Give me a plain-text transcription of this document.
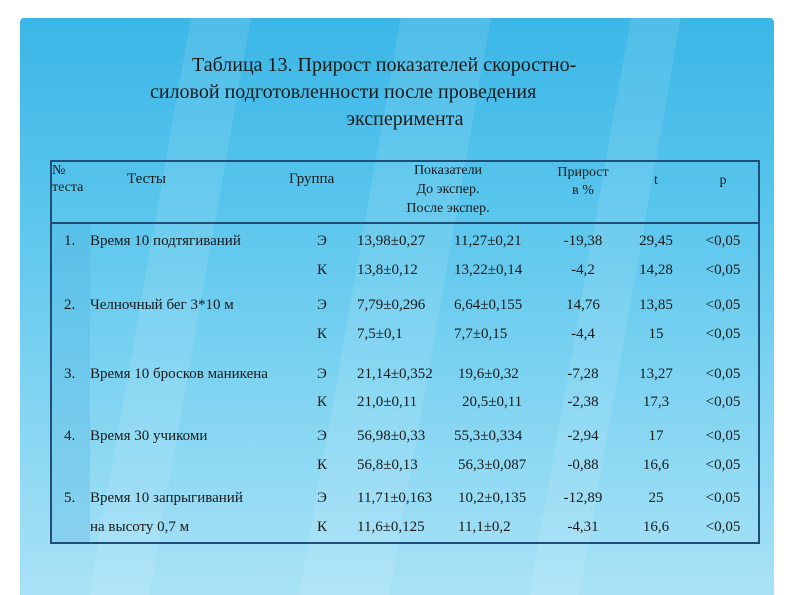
Таблица 13. Прирост показателей скоростно-
силовой подготовленности после проведения
эксперимента
№
теста
Тесты	Группа
Показатели
До экспер.
После экспер.
Прирост
в %
t	p
1. Время 10 подтягиваний	Э 13,98±0,27 11,27±0,21	-19,38 29,45 <0,05
К 13,8±0,12 13,22±0,14	-4,2	14,28 <0,05
2. Челночный бег 3*10 м	Э 7,79±0,296 6,64±0,155	14,76	13,85 <0,05
К 7,5±0,1	7,7±0,15	-4,4	15	<0,05
3. Время 10 бросков маникена	Э 21,14±0,352 19,6±0,32	-7,28	13,27 <0,05
К 21,0±0,11	20,5±0,11	-2,38	17,3 <0,05
4. Время 30 учикоми	Э 56,98±0,33 55,3±0,334	-2,94	17	<0,05
К 56,8±0,13	56,3±0,087	-0,88	16,6 <0,05
5. Время 10 запрыгиваний
на высоту 0,7 м
Э 11,71±0,163 10,2±0,135 -12,89	25	<0,05
К 11,6±0,125 11,1±0,2	-4,31	16,6 <0,05
